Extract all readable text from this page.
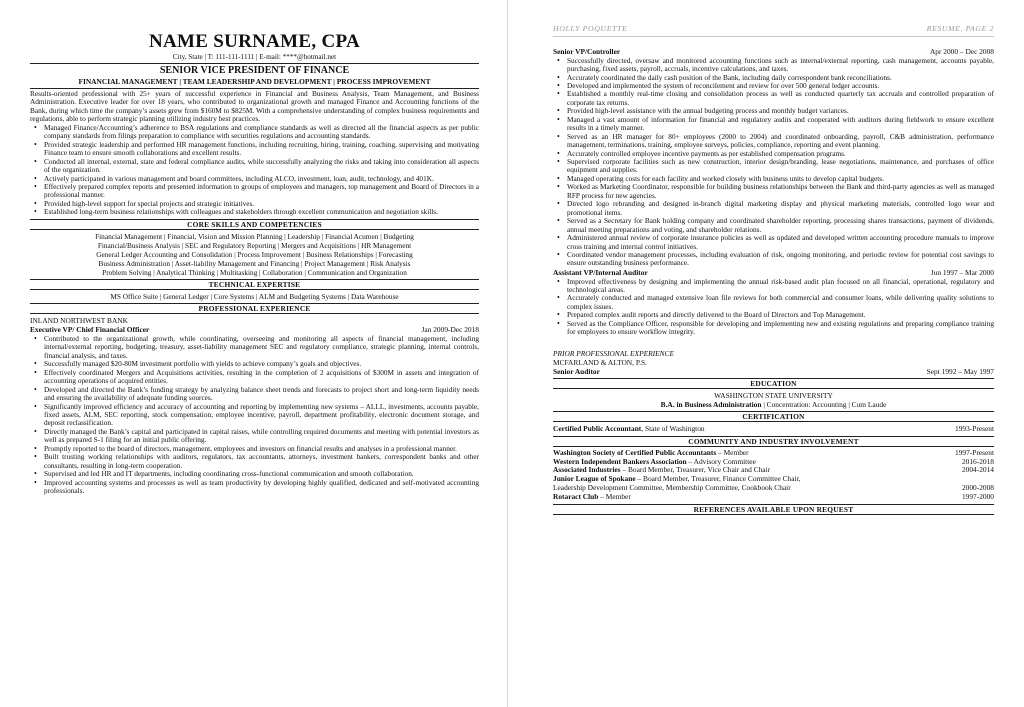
NAME SURNAME, CPA
City, State | T: 111-111-1111 | E-mail: ****@hotmail.net
SENIOR VICE PRESIDENT OF FINANCE
FINANCIAL MANAGEMENT | TEAM LEADERSHIP AND DEVELOPMENT | PROCESS IMPROVEMENT

Results-oriented professional with 25+ years of successful experience in Financial and Business Analysis, Team Management, and Business Administration. Executive leader for over 18 years, who contributed to organizational growth and managed Finance and Accounting functions of the Bank, during which time the company’s assets grew from $160M to $825M. With a comprehensive understanding of complex business requirements and regulations, able to perform strategic planning utilizing industry best practices.

• Managed Finance/Accounting’s adherence to BSA regulations and compliance standards as well as directed all the financial aspects as per public company standards from filings preparation to compliance with securities regulations and accounting standards.
• Provided strategic leadership and performed HR management functions, including recruiting, hiring, training, coaching, supervising and motivating Finance team to ensure smooth collaborations and excellent results.
• Conducted all internal, external, state and federal compliance audits, while successfully analyzing the risks and taking into consideration all aspects of the organization.
• Actively participated in various management and board committees, including ALCO, investment, loan, audit, technology, and 401K.
• Effectively prepared complex reports and presented information to groups of employees and managers, top management and Board of Directors in a professional manner.
• Provided high-level support for special projects and strategic initiatives.
• Established long-term business relationships with colleagues and stakeholders through excellent communication and negotiation skills.
CORE SKILLS AND COMPETENCIES
Financial Management | Financial, Vision and Mission Planning | Leadership | Financial Acumen | Budgeting
Financial/Business Analysis | SEC and Regulatory Reporting | Mergers and Acquisitions | HR Management
General Ledger Accounting and Consolidation | Process Improvement | Business Relationships | Forecasting
Business Administration | Asset-liability Management and Financing | Project Management | Risk Analysis
Problem Solving | Analytical Thinking | Multitasking | Collaboration | Communication and Organization
TECHNICAL EXPERTISE
MS Office Suite | General Ledger | Core Systems | ALM and Budgeting Systems | Data Warehouse
PROFESSIONAL EXPERIENCE
INLAND NORTHWEST BANK
Executive VP/ Chief Financial Officer	Jan 2009-Dec 2018
• Contributed to the organizational growth, while coordinating, overseeing and monitoring all aspects of financial management, including internal/external reporting, budgeting, treasury, asset-liability management SEC and regulatory compliance, strategic planning, internal controls, financial analysis, and taxes.
• Successfully managed $20-80M investment portfolio with yields to achieve company’s goals and objectives.
• Effectively coordinated Mergers and Acquisitions activities, resulting in the completion of 2 acquisitions of $300M in assets and integration of accounting operations of acquired entities.
• Developed and directed the Bank’s funding strategy by analyzing balance sheet trends and forecasts to project short and long-term liquidity needs and ensuring the availability of adequate funding sources.
• Significantly improved efficiency and accuracy of accounting and reporting by implementing new systems – ALLL, investments, accounts payable, fixed assets, ALM, SEC reporting, stock compensation, employee incentive, payroll, department profitability, electronic document storage, and deposit reclassification.
• Directly managed the Bank’s capital and participated in capital raises, while controlling required documents and meeting with potential investors as well as prepared S-1 filing for an initial public offering.
• Promptly reported to the board of directors, management, employees and investors on financial results and analyses in a professional manner.
• Built trusting working relationships with auditors, regulators, tax accountants, attorneys, investment bankers, correspondent banks and other consultants, resulting in long-term cooperation.
• Supervised and led HR and IT departments, including coordinating cross-functional communication and smooth collaboration.
• Improved accounting systems and processes as well as team productivity by developing highly qualified, dedicated and self-motivated accounting professionals.
HOLLY POQUETTE	RESUME, PAGE 2
Senior VP/Controller	Apr 2000 – Dec 2008
• Successfully directed, oversaw and monitored accounting functions such as internal/external reporting, cash management, accounts payable, purchasing, fixed assets, payroll, accruals, incentive calculations, and taxes.
• Accurately coordinated the daily cash position of the Bank, including daily correspondent bank reconciliations.
• Developed and implemented the system of reconcilement and review for over 500 general ledger accounts.
• Established a monthly real-time closing and consolidation process as well as conducted quarterly tax accruals and controlled preparation of corporate tax returns.
• Provided high-level assistance with the annual budgeting process and monthly budget variances.
• Managed a vast amount of information for financial and regulatory audits and cooperated with auditors during fieldwork to ensure excellent results in a timely manner.
• Served as an HR manager for 80+ employees (2000 to 2004) and coordinated onboarding, payroll, C&B administration, performance management, terminations, training, employee surveys, policies, compliance, reporting and event planning.
• Accurately controlled employee incentive payments as per established compensation programs.
• Supervised corporate facilities such as new construction, interior design/branding, lease negotiations, maintenance, and purchases of office equipment and supplies.
• Managed operating costs for each facility and worked closely with business units to develop capital budgets.
• Worked as Marketing Coordinator, responsible for building business relationships between the Bank and third-party agencies as well as managed RFP process for new agencies.
• Directed logo rebranding and designed in-branch digital marketing display and physical marketing materials, controlled logo wear and promotional items.
• Served as a Secretary for Bank holding company and coordinated shareholder reporting, processing shares transactions, payment of dividends, annual meeting preparations and voting, and shareholder relations.
• Administered annual review of corporate insurance policies as well as updated and developed written accounting procedure manuals to improve cross training and internal control initiatives.
• Coordinated vendor management processes, including evaluation of risk, ongoing monitoring, and periodic review for potential cost savings to ensure outstanding business performance.
Assistant VP/Internal Auditor	Jun 1997 – Mar 2000
• Improved effectiveness by designing and implementing the annual risk-based audit plan focused on all financial, operational, regulatory and technological areas.
• Accurately conducted and managed extensive loan file reviews for both commercial and consumer loans, while delivering quality solutions to complex issues.
• Prepared complex audit reports and directly delivered to the Board of Directors and Top Management.
• Served as the Compliance Officer, responsible for developing and implementing new and existing regulations and preparing compliance training for employees to ensure workflow integrity.
PRIOR PROFESSIONAL EXPERIENCE
MCFARLAND & ALTON, P.S.
Senior Auditor	Sept 1992 – May 1997
EDUCATION
WASHINGTON STATE UNIVERSITY
B.A. in Business Administration | Concentration: Accounting | Cum Laude
CERTIFICATION
Certified Public Accountant, State of Washington	1993-Present
COMMUNITY AND INDUSTRY INVOLVEMENT
Washington Society of Certified Public Accountants – Member	1997-Present
Western Independent Bankers Association – Advisory Committee	2016-2018
Associated Industries – Board Member, Treasurer, Vice Chair and Chair	2004-2014
Junior League of Spokane – Board Member, Treasurer, Finance Committee Chair,
Leadership Development Committee, Membership Committee, Cookbook Chair	2000-2008
Rotaract Club – Member	1997-2000
REFERENCES AVAILABLE UPON REQUEST
